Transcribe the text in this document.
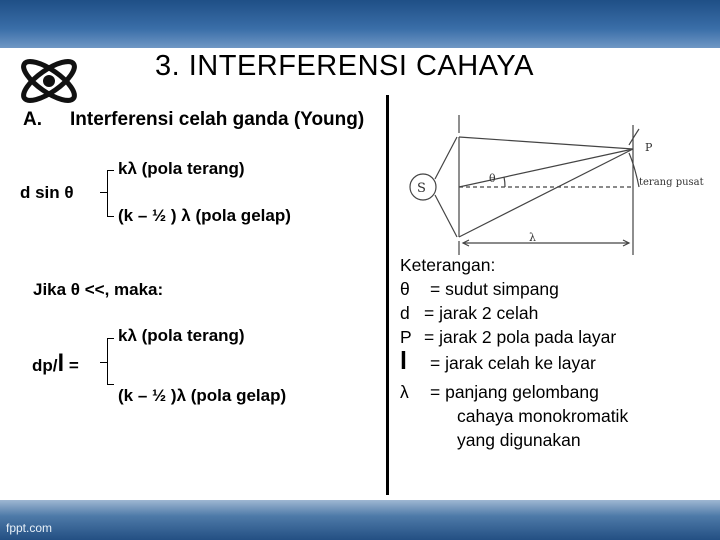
3. INTERFERENSI CAHAYA
A. Interferensi celah ganda (Young)
kλ (pola terang)
d sin θ
(k – ½ ) λ (pola gelap)
Jika θ <<, maka:
kλ (pola terang)
dp/l =
(k – ½ )λ (pola gelap)
S
θ
P
terang pusat
λ
Keterangan:
θ = sudut simpang
d = jarak 2 celah
P = jarak 2 pola pada layar
l = jarak celah ke layar
λ = panjang gelombang
cahaya monokromatik
yang digunakan
fppt.com
